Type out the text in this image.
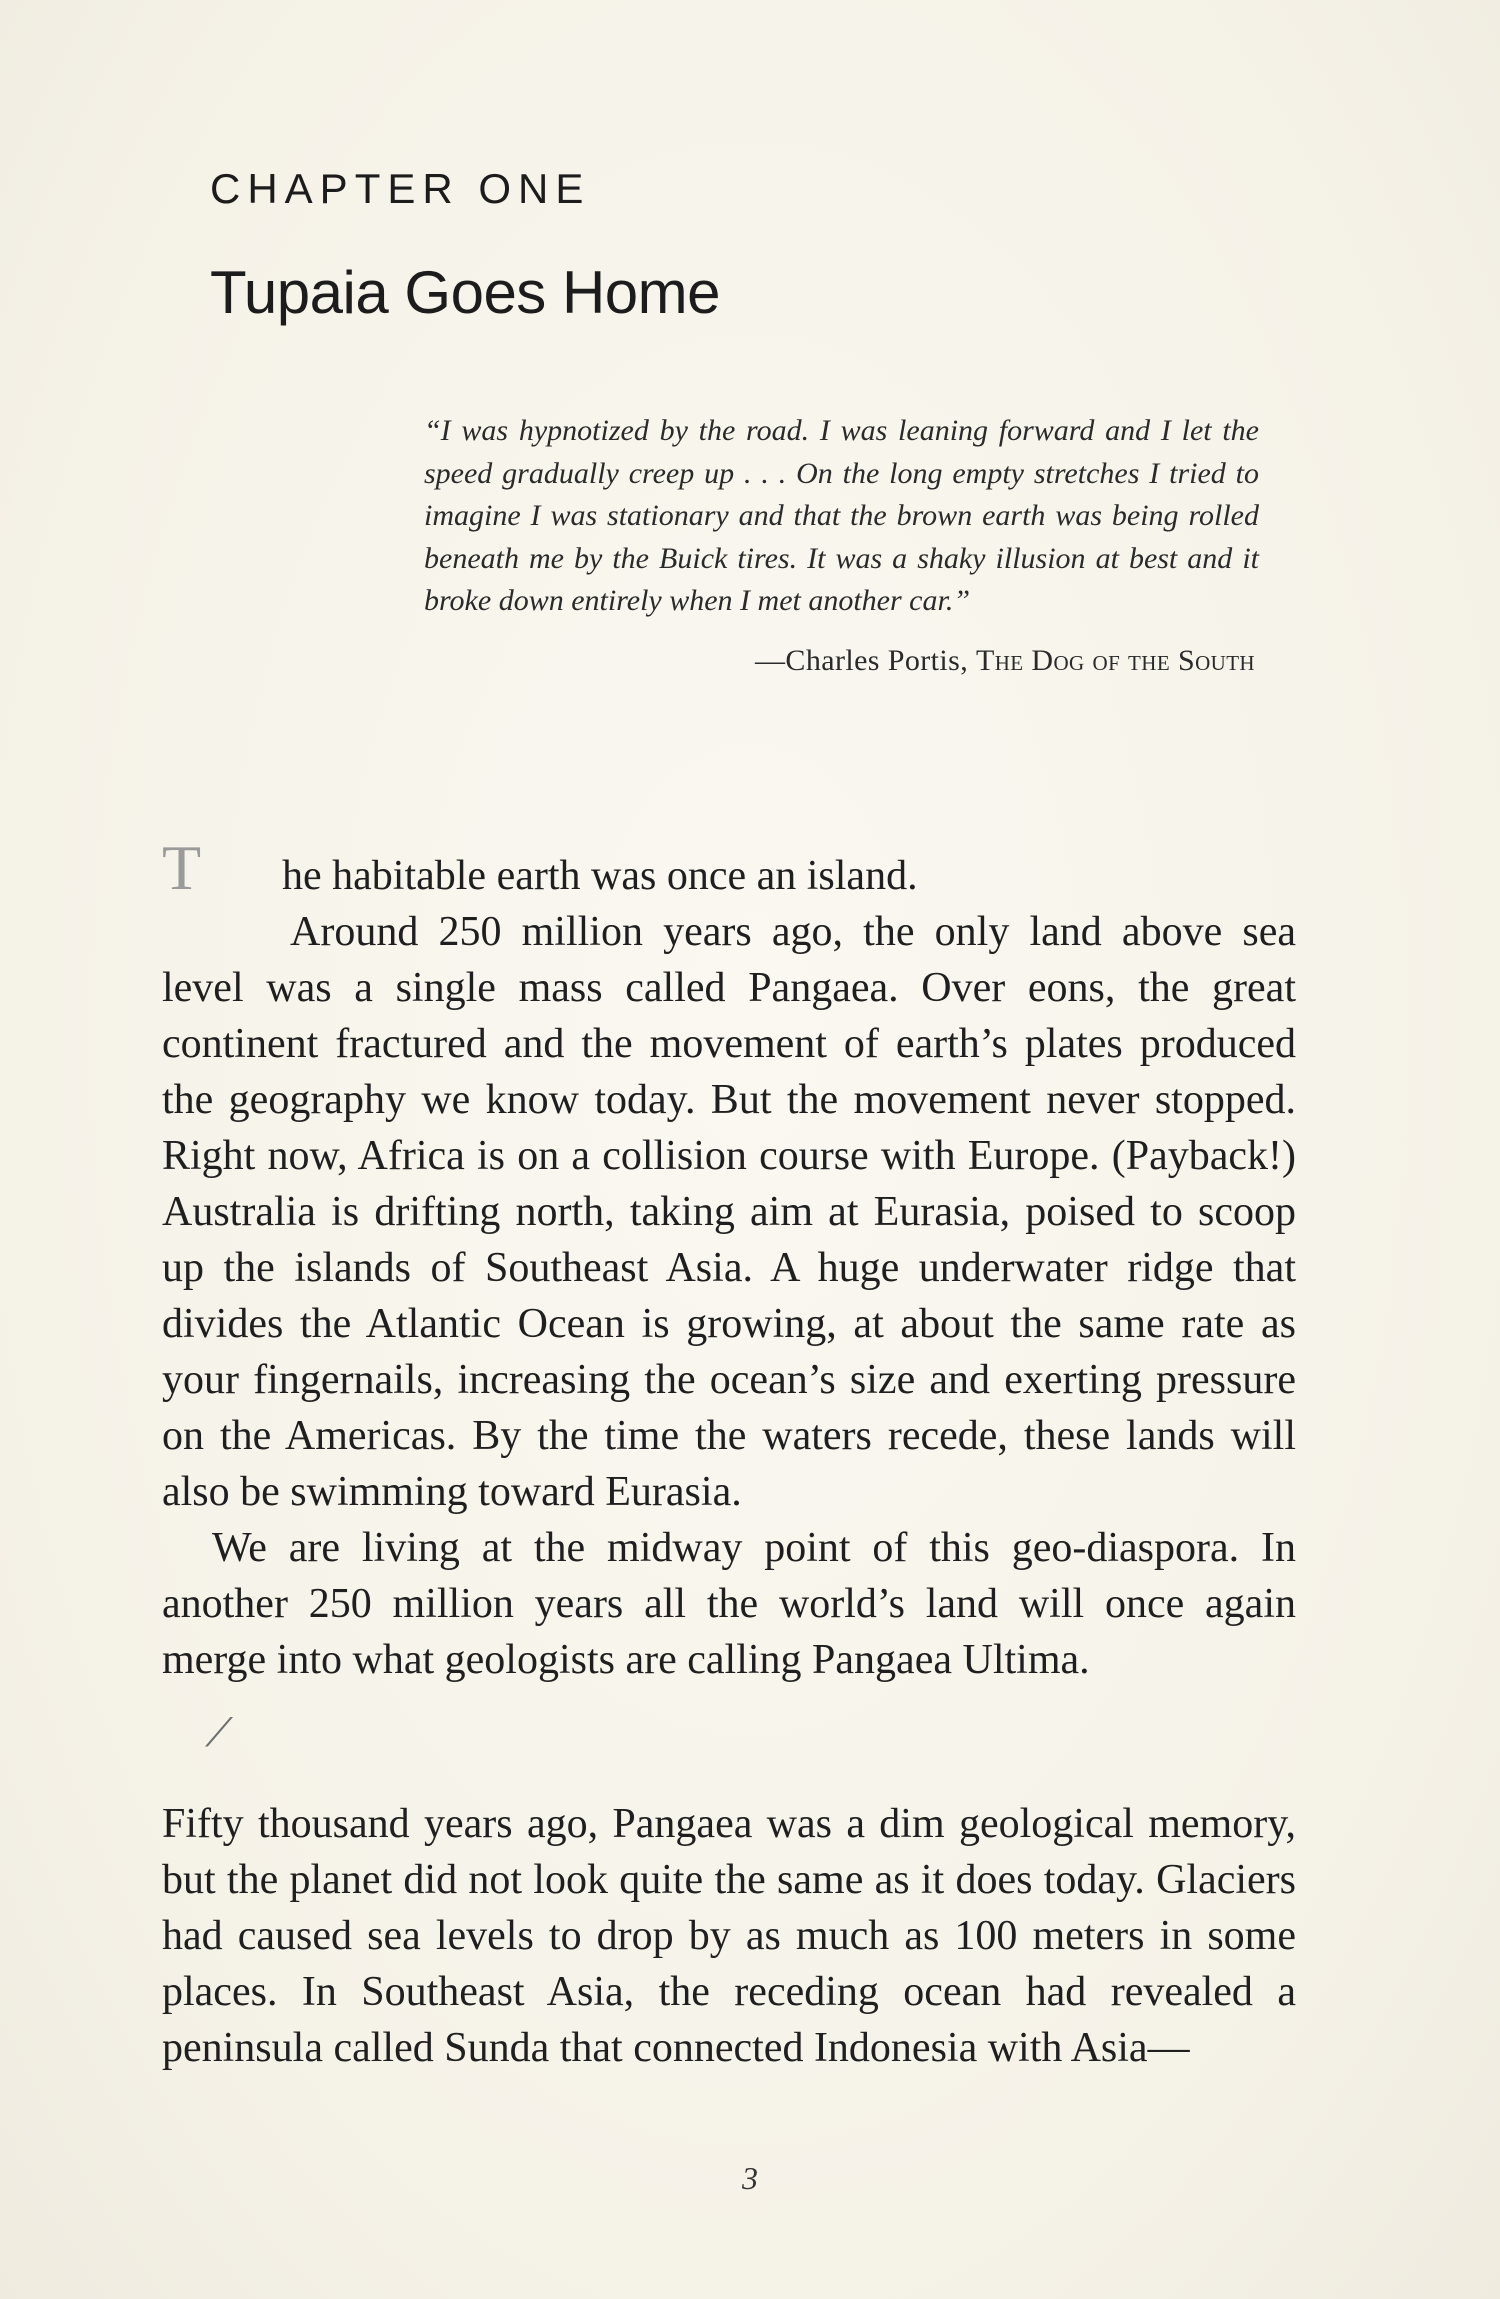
CHAPTER ONE
Tupaia Goes Home
“I was hypnotized by the road. I was leaning forward and I let the speed gradually creep up . . . On the long empty stretches I tried to imagine I was stationary and that the brown earth was being rolled beneath me by the Buick tires. It was a shaky illusion at best and it broke down entirely when I met another car.”
—Charles Portis, The Dog of the South

T he habitable earth was once an island.

Around 250 million years ago, the only land above sea level was a single mass called Pangaea. Over eons, the great continent fractured and the movement of earth’s plates produced the geography we know today. But the movement never stopped. Right now, Africa is on a collision course with Europe. (Payback!) Australia is drifting north, taking aim at Eurasia, poised to scoop up the islands of Southeast Asia. A huge underwater ridge that divides the Atlantic Ocean is growing, at about the same rate as your fingernails, increasing the ocean’s size and exerting pressure on the Americas. By the time the waters recede, these lands will also be swimming toward Eurasia.

We are living at the midway point of this geo-diaspora. In another 250 million years all the world’s land will once again merge into what geologists are calling Pangaea Ultima.

⟋

Fifty thousand years ago, Pangaea was a dim geological memory, but the planet did not look quite the same as it does today. Glaciers had caused sea levels to drop by as much as 100 meters in some places. In Southeast Asia, the receding ocean had revealed a peninsula called Sunda that connected Indonesia with Asia—

3
